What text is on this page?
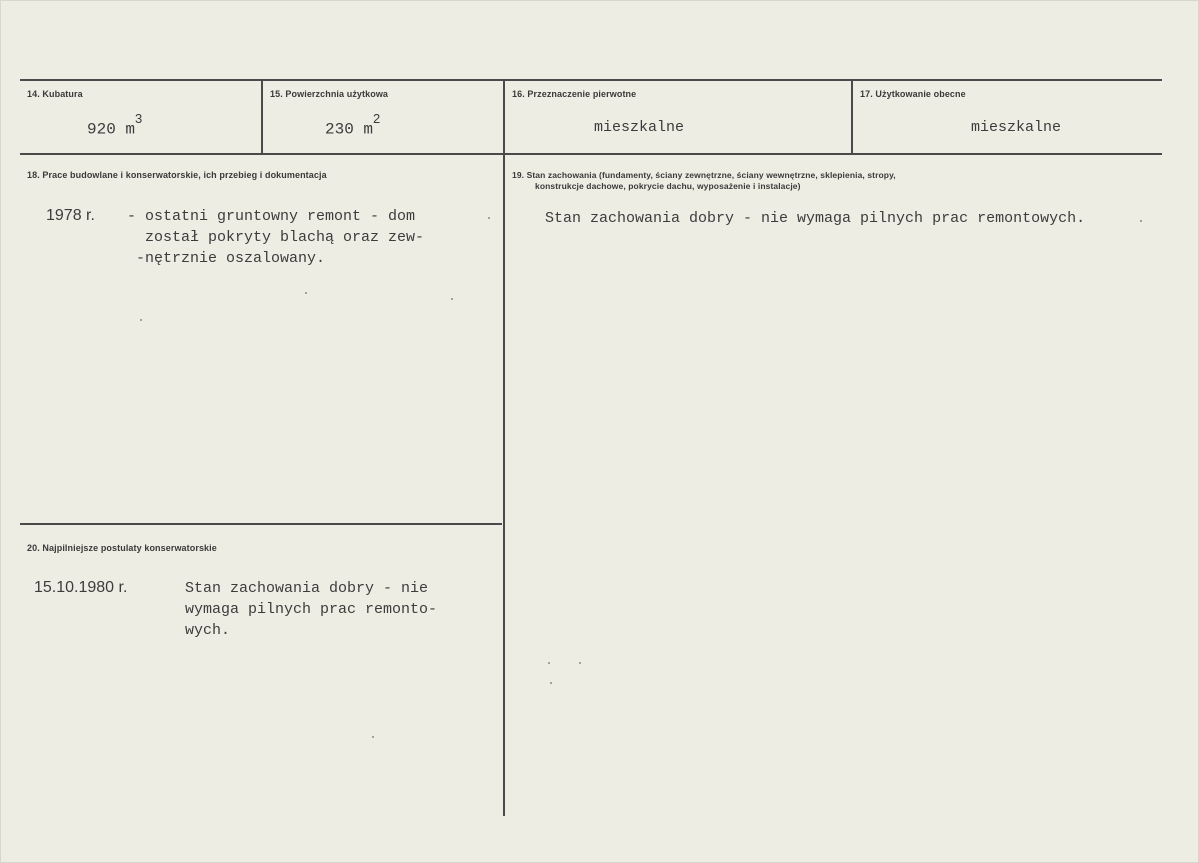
14. Kubatura
920 $m^3$
15. Powierzchnia użytkowa
230 $m^2$
16. Przeznaczenie pierwotne
mieszkalne
17. Użytkowanie obecne
mieszkalne
18. Prace budowlane i konserwatorskie, ich przebieg i dokumentacja
1978 r. - ostatni gruntowny remont - dom
został pokryty blachą oraz zew-
-nętrznie oszalowany.
19. Stan zachowania (fundamenty, ściany zewnętrzne, ściany wewnętrzne, sklepienia, stropy,
konstrukcje dachowe, pokrycie dachu, wyposażenie i instalacje)
Stan zachowania dobry - nie wymaga pilnych prac remontowych.
20. Najpilniejsze postulaty konserwatorskie
15.10.1980 r.	Stan zachowania dobry - nie
wymaga pilnych prac remonto-
wych.
